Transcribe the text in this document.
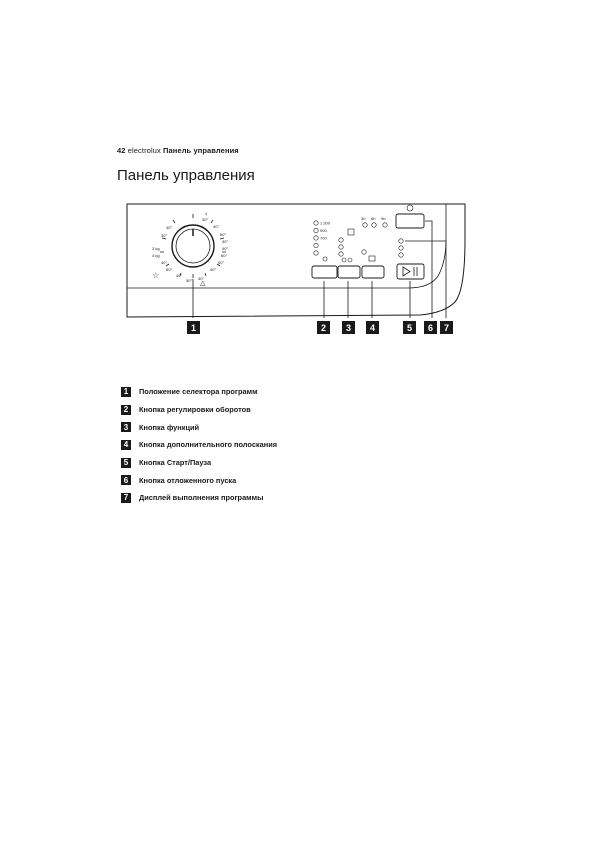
42 electrolux Панель управления
Панель управления
1 200
900
700
3h 6h 9h
30°
40°
60°
30°
40°
60°
90°
40°
30°
30°
40°
60°
40°
30°
40°
3 kg
4 kg
☆
△
♀
1	2 3 4	5 6 7
1	Положение селектора программ
2	Кнопка регулировки оборотов
3	Кнопка функций
4	Кнопка дополнительного полоскания
5	Кнопка Старт/Пауза
6	Кнопка отложенного пуска
7	Дисплей выполнения программы
